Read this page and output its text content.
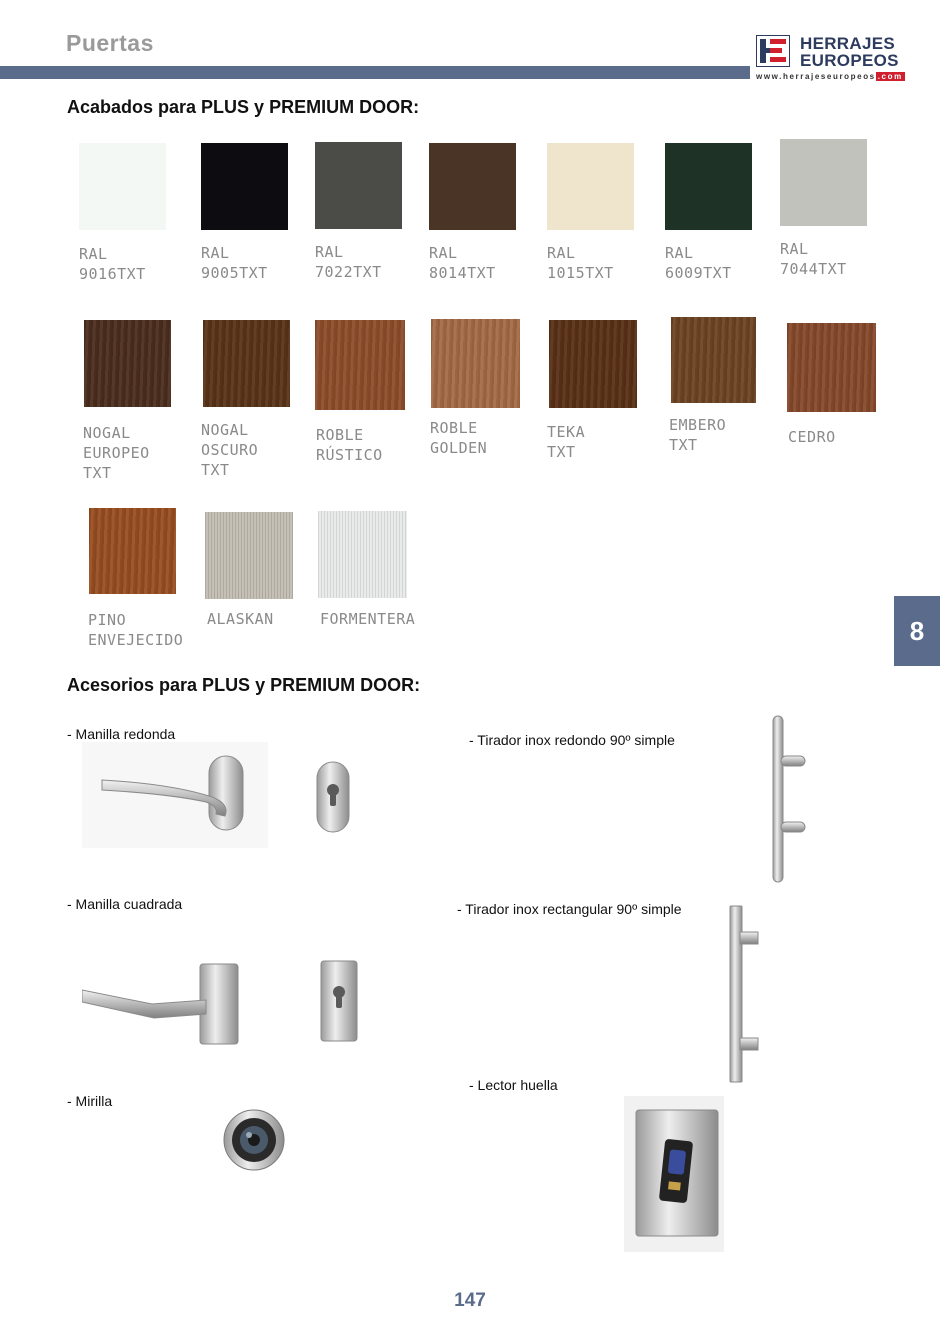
Puertas	HERRAJES
EUROPEOS
www.herrajeseuropeos .com
Acabados para PLUS y PREMIUM DOOR:
RAL
9016TXT
RAL
9005TXT
RAL
7022TXT
RAL
8014TXT
RAL
1015TXT
RAL
6009TXT
RAL
7044TXT
NOGAL
EUROPEO
TXT
NOGAL
OSCURO
TXT
ROBLE
RÚSTICO
ROBLE
GOLDEN
TEKA
TXT
EMBERO
TXT	CEDRO
PINO
ENVEJECIDO
ALASKAN	FORMENTERA	8
Acesorios para PLUS y PREMIUM DOOR:
- Manilla redonda	- Tirador inox redondo 90º simple
- Manilla cuadrada	- Tirador inox rectangular 90º simple
- Mirilla
- Lector huella
147
